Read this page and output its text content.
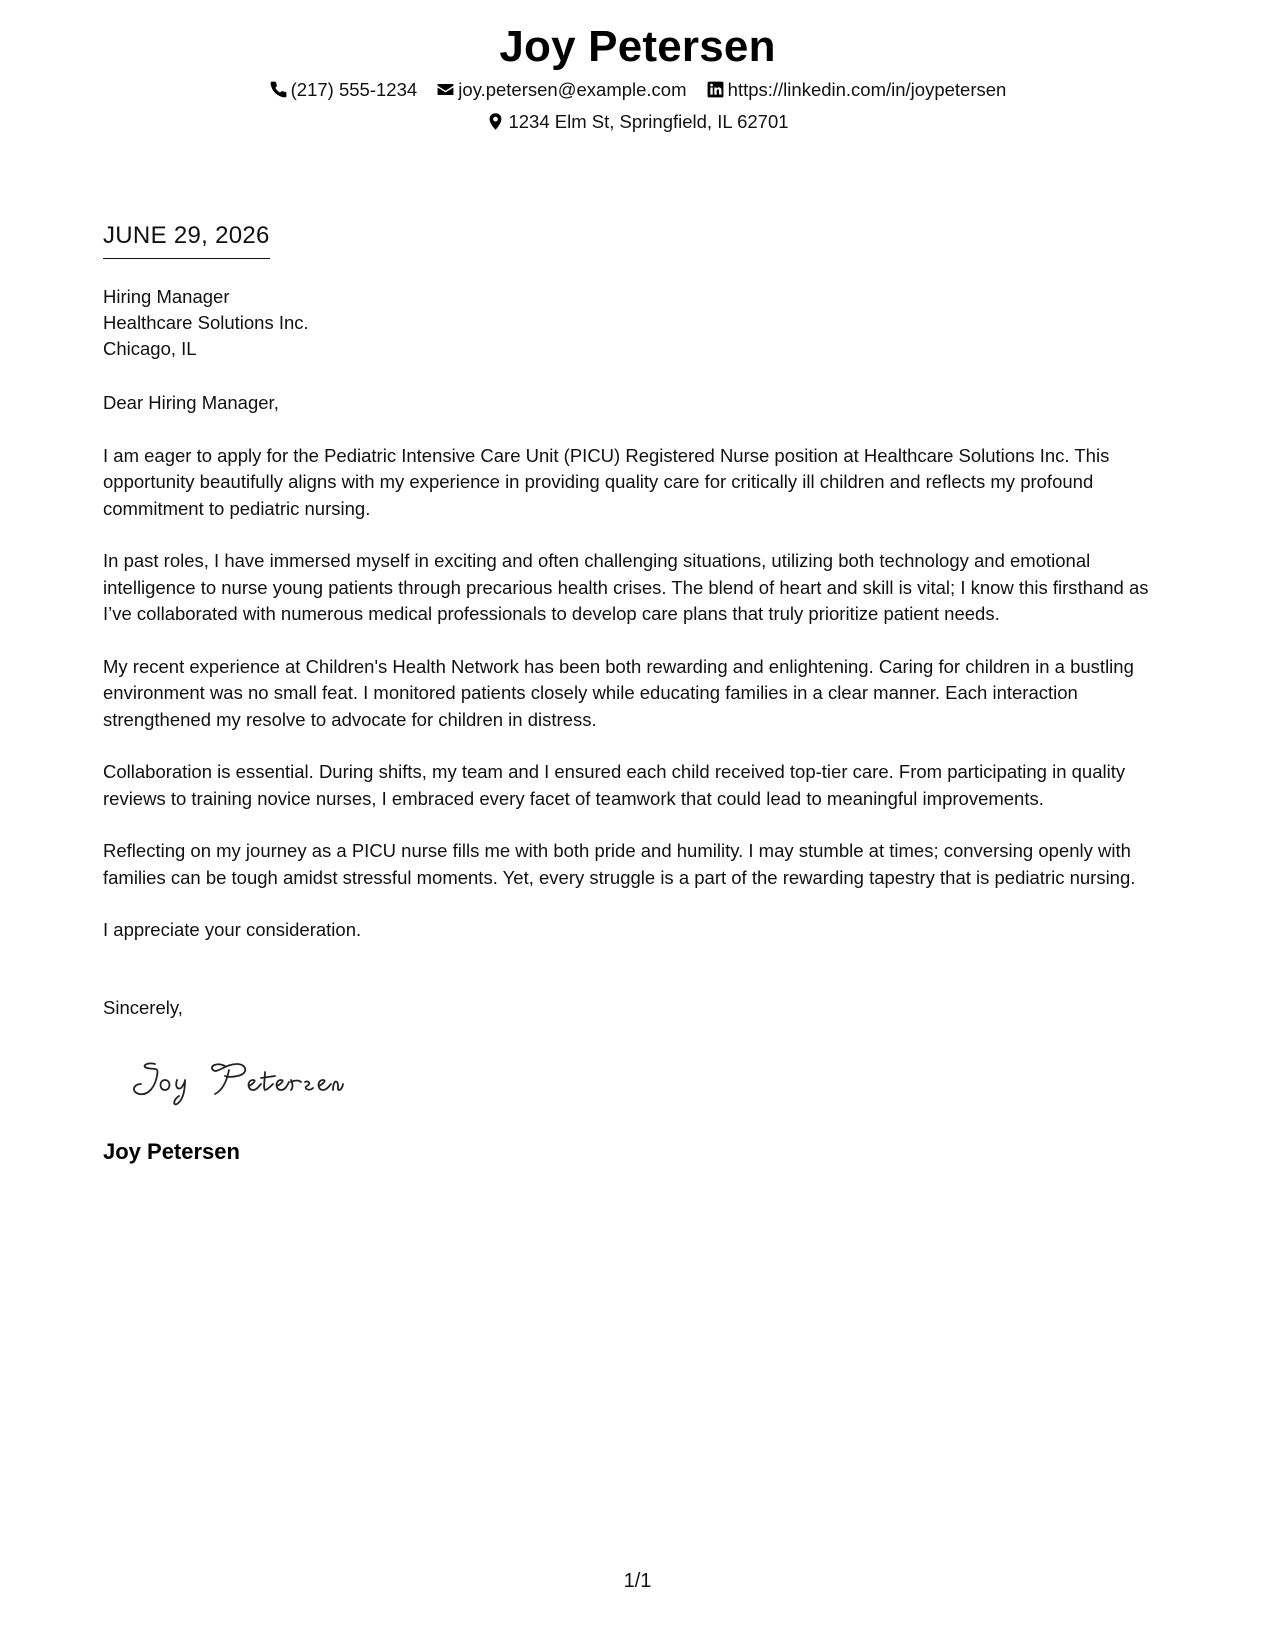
Joy Petersen
(217) 555-1234 joy.petersen@example.com https://linkedin.com/in/joypetersen
1234 Elm St, Springfield, IL 62701
JUNE 29, 2026
Hiring Manager
Healthcare Solutions Inc.
Chicago, IL

Dear Hiring Manager,

I am eager to apply for the Pediatric Intensive Care Unit (PICU) Registered Nurse position at Healthcare Solutions Inc. This opportunity beautifully aligns with my experience in providing quality care for critically ill children and reflects my profound commitment to pediatric nursing.

In past roles, I have immersed myself in exciting and often challenging situations, utilizing both technology and emotional intelligence to nurse young patients through precarious health crises. The blend of heart and skill is vital; I know this firsthand as I’ve collaborated with numerous medical professionals to develop care plans that truly prioritize patient needs.

My recent experience at Children's Health Network has been both rewarding and enlightening. Caring for children in a bustling environment was no small feat. I monitored patients closely while educating families in a clear manner. Each interaction strengthened my resolve to advocate for children in distress.

Collaboration is essential. During shifts, my team and I ensured each child received top-tier care. From participating in quality reviews to training novice nurses, I embraced every facet of teamwork that could lead to meaningful improvements.

Reflecting on my journey as a PICU nurse fills me with both pride and humility. I may stumble at times; conversing openly with families can be tough amidst stressful moments. Yet, every struggle is a part of the rewarding tapestry that is pediatric nursing.

I appreciate your consideration.

Sincerely,
Joy Petersen
1/1
